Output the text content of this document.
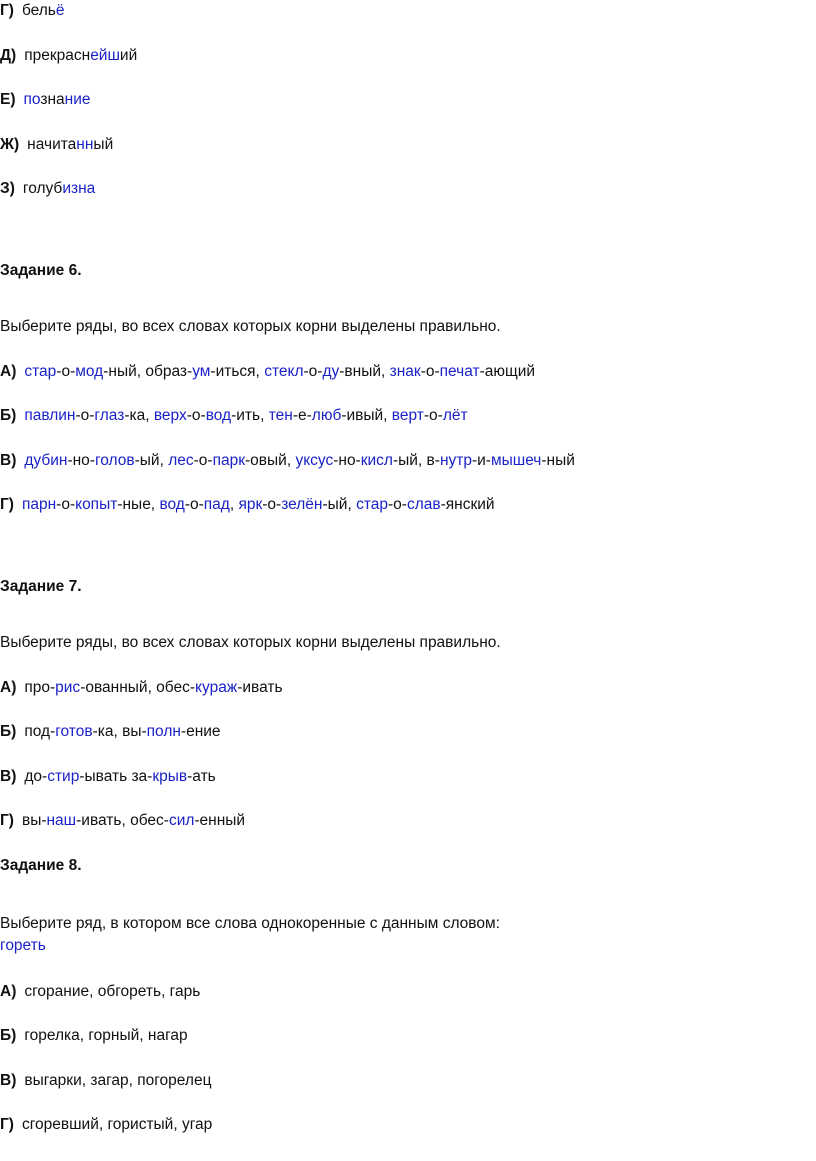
Г) бельё
Д) прекраснейший
Е) познание
Ж) начитанный
З) голубизна
Задание 6.
Выберите ряды, во всех словах которых корни выделены правильно.
А) стар-о-мод-ный, образ-ум-иться, стекл-о-ду-вный, знак-о-печат-ающий
Б) павлин-о-глаз-ка, верх-о-вод-ить, тен-е-люб-ивый, верт-о-лёт
В) дубин-но-голов-ый, лес-о-парк-овый, уксус-но-кисл-ый, в-нутр-и-мышеч-ный
Г) парн-о-копыт-ные, вод-о-пад, ярк-о-зелён-ый, стар-о-слав-янский
Задание 7.
Выберите ряды, во всех словах которых корни выделены правильно.
А) про-рис-ованный, обес-кураж-ивать
Б) под-готов-ка, вы-полн-ение
В) до-стир-ывать за-крыв-ать
Г) вы-наш-ивать, обес-сил-енный
Задание 8.
Выберите ряд, в котором все слова однокоренные с данным словом:
гореть
А) сгорание, обгореть, гарь
Б) горелка, горный, нагар
В) выгарки, загар, погорелец
Г) сгоревший, гористый, угар
